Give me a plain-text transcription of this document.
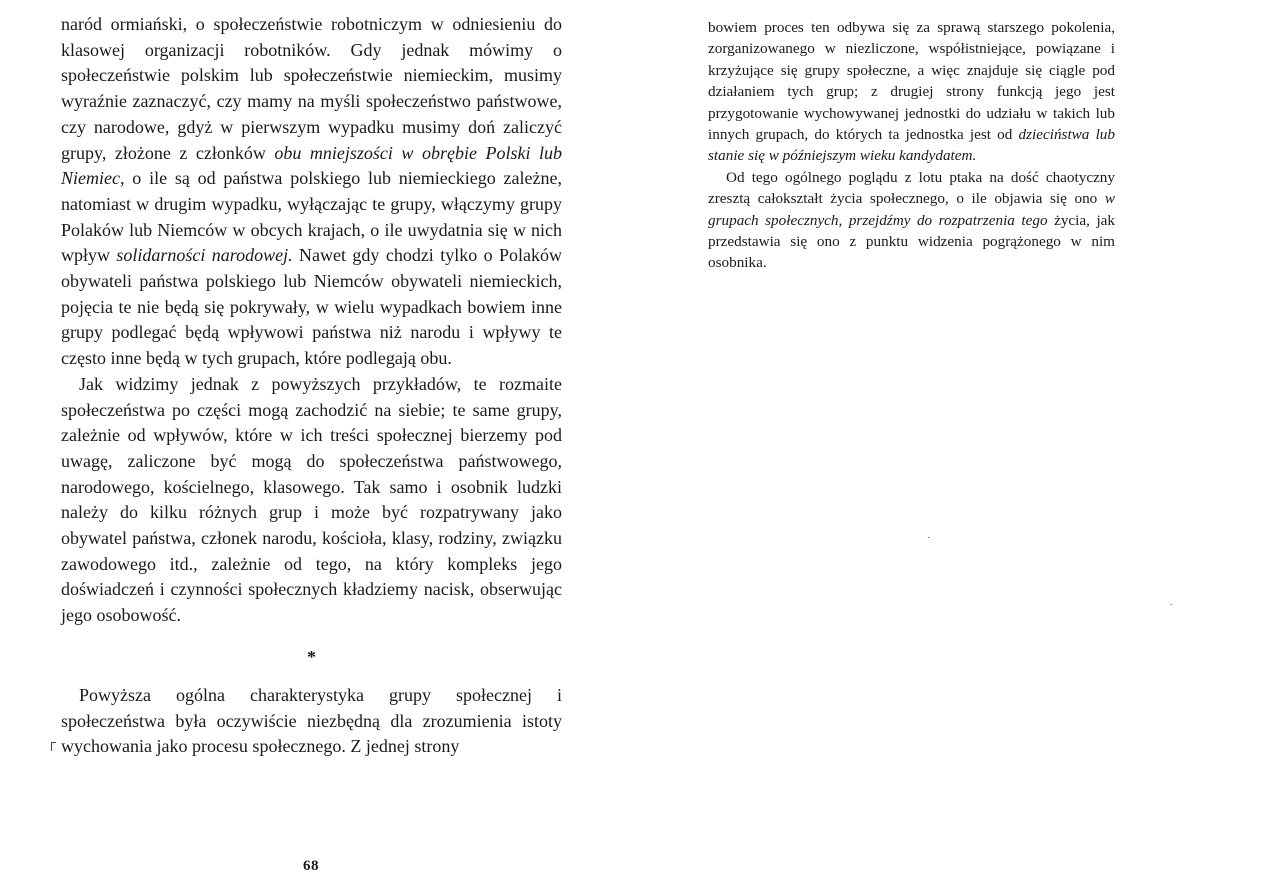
naród ormiański, o społeczeństwie robotniczym w odniesieniu do klasowej organizacji robotników. Gdy jednak mówimy o społeczeństwie polskim lub społeczeństwie niemieckim, musimy wyraźnie zaznaczyć, czy mamy na myśli społeczeństwo państwowe, czy narodowe, gdyż w pierwszym wypadku musimy doń zaliczyć grupy, złożone z członków obu mniejszości w obrębie Polski lub Niemiec, o ile są od państwa polskiego lub niemieckiego zależne, natomiast w drugim wypadku, wyłączając te grupy, włączymy grupy Polaków lub Niemców w obcych krajach, o ile uwydatnia się w nich wpływ solidarności narodowej. Nawet gdy chodzi tylko o Polaków obywateli państwa polskiego lub Niemców obywateli niemieckich, pojęcia te nie będą się pokrywały, w wielu wypadkach bowiem inne grupy podlegać będą wpływowi państwa niż narodu i wpływy te często inne będą w tych grupach, które podlegają obu.

Jak widzimy jednak z powyższych przykładów, te rozmaite społeczeństwa po części mogą zachodzić na siebie; te same grupy, zależnie od wpływów, które w ich treści społecznej bierzemy pod uwagę, zaliczone być mogą do społeczeństwa państwowego, narodowego, kościelnego, klasowego. Tak samo i osobnik ludzki należy do kilku różnych grup i może być rozpatrywany jako obywatel państwa, członek narodu, kościoła, klasy, rodziny, związku zawodowego itd., zależnie od tego, na który kompleks jego doświadczeń i czynności społecznych kładziemy nacisk, obserwując jego osobowość.

*

Powyższa ogólna charakterystyka grupy społecznej i społeczeństwa była oczywiście niezbędną dla zrozumienia istoty wychowania jako procesu społecznego. Z jednej strony

68

bowiem proces ten odbywa się za sprawą starszego pokolenia, zorganizowanego w niezliczone, współistniejące, powiązane i krzyżujące się grupy społeczne, a więc znajduje się ciągle pod działaniem tych grup; z drugiej strony funkcją jego jest przygotowanie wychowywanej jednostki do udziału w takich lub innych grupach, do których ta jednostka jest od dzieciństwa lub stanie się w późniejszym wieku kandydatem.

Od tego ogólnego poglądu z lotu ptaka na dość chaotyczny zresztą całokształt życia społecznego, o ile objawia się ono w grupach społecznych, przejdźmy do rozpatrzenia tego życia, jak przedstawia się ono z punktu widzenia pogrążonego w nim osobnika.
